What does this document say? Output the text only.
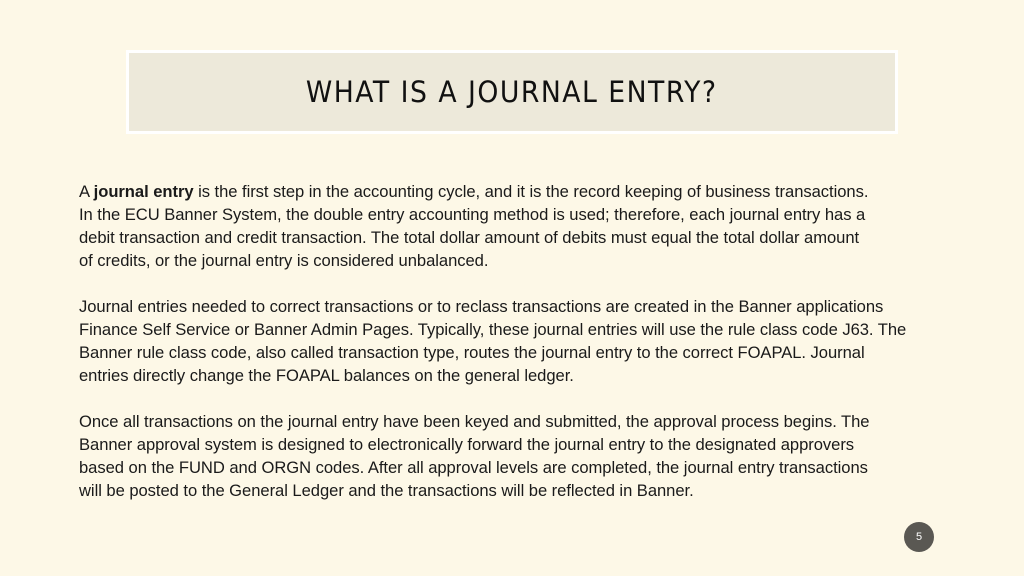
WHAT IS A JOURNAL ENTRY?

A journal entry is the first step in the accounting cycle, and it is the record keeping of business transactions.
In the ECU Banner System, the double entry accounting method is used; therefore, each journal entry has a
debit transaction and credit transaction. The total dollar amount of debits must equal the total dollar amount
of credits, or the journal entry is considered unbalanced.

Journal entries needed to correct transactions or to reclass transactions are created in the Banner applications
Finance Self Service or Banner Admin Pages. Typically, these journal entries will use the rule class code J63. The
Banner rule class code, also called transaction type, routes the journal entry to the correct FOAPAL. Journal
entries directly change the FOAPAL balances on the general ledger.

Once all transactions on the journal entry have been keyed and submitted, the approval process begins. The
Banner approval system is designed to electronically forward the journal entry to the designated approvers
based on the FUND and ORGN codes. After all approval levels are completed, the journal entry transactions
will be posted to the General Ledger and the transactions will be reflected in Banner.

5
